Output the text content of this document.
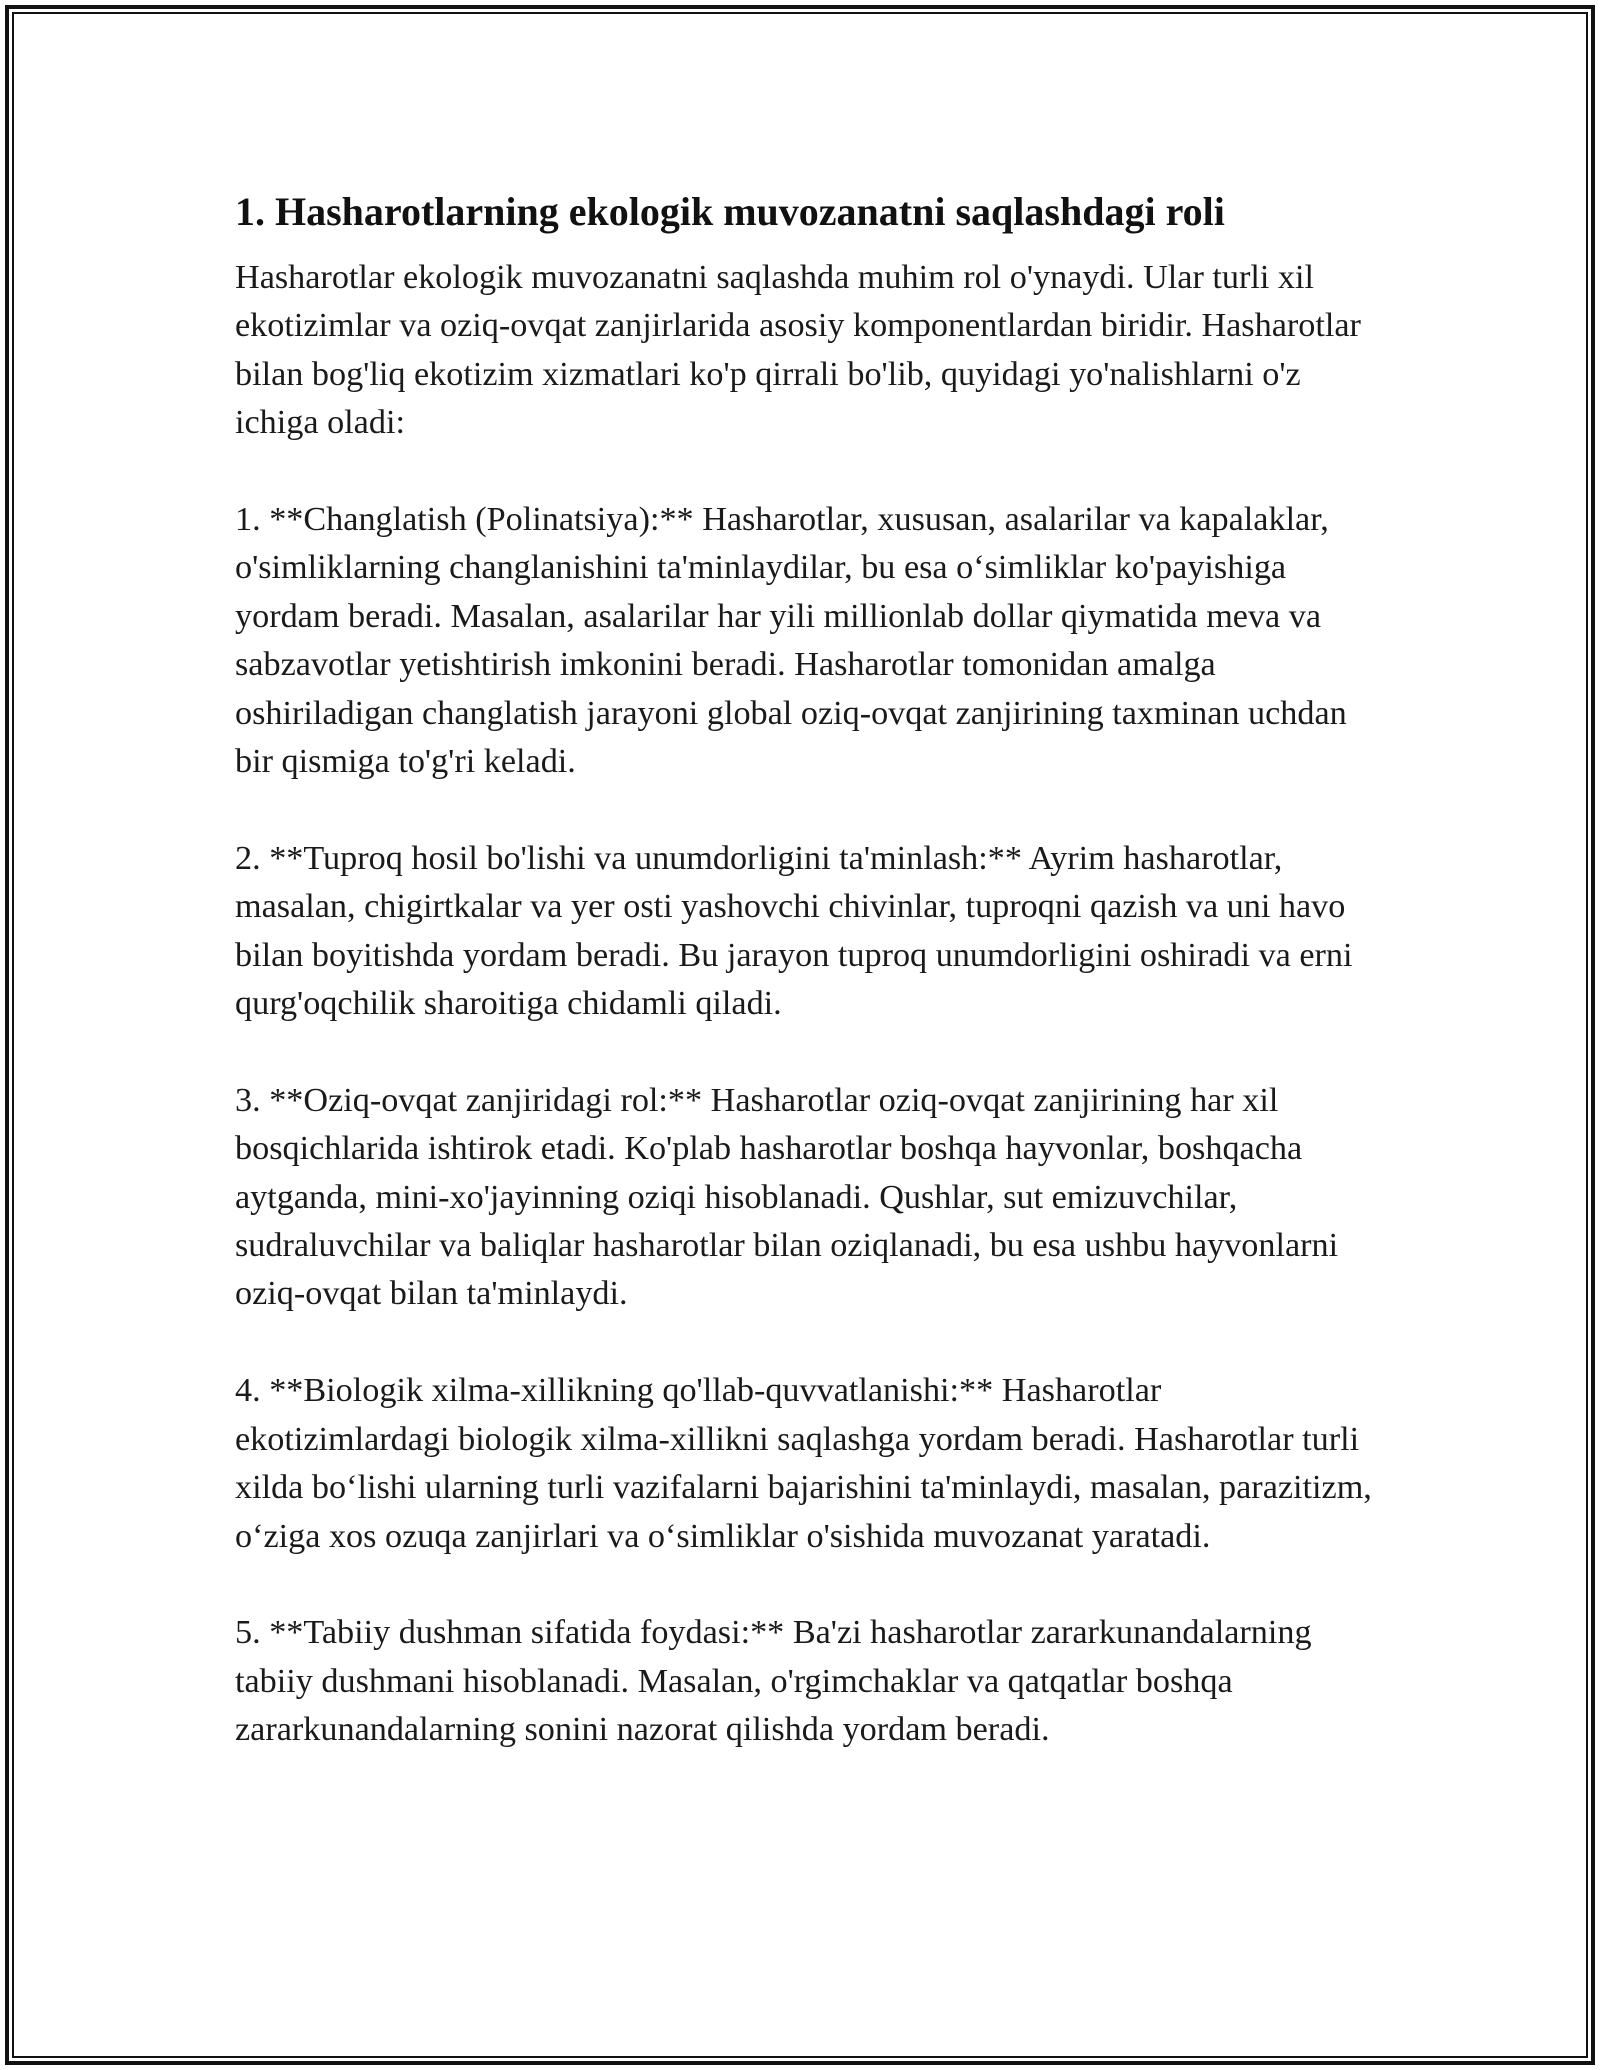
1. Hasharotlarning ekologik muvozanatni saqlashdagi roli

Hasharotlar ekologik muvozanatni saqlashda muhim rol o'ynaydi. Ular turli xil ekotizimlar va oziq-ovqat zanjirlarida asosiy komponentlardan biridir. Hasharotlar bilan bog'liq ekotizim xizmatlari ko'p qirrali bo'lib, quyidagi yo'nalishlarni o'z ichiga oladi:

1. **Changlatish (Polinatsiya):** Hasharotlar, xususan, asalarilar va kapalaklar, o'simliklarning changlanishini ta'minlaydilar, bu esa o‘simliklar ko'payishiga yordam beradi. Masalan, asalarilar har yili millionlab dollar qiymatida meva va sabzavotlar yetishtirish imkonini beradi. Hasharotlar tomonidan amalga oshiriladigan changlatish jarayoni global oziq-ovqat zanjirining taxminan uchdan bir qismiga to'g'ri keladi.

2. **Tuproq hosil bo'lishi va unumdorligini ta'minlash:** Ayrim hasharotlar, masalan, chigirtkalar va yer osti yashovchi chivinlar, tuproqni qazish va uni havo bilan boyitishda yordam beradi. Bu jarayon tuproq unumdorligini oshiradi va erni qurg'oqchilik sharoitiga chidamli qiladi.

3. **Oziq-ovqat zanjiridagi rol:** Hasharotlar oziq-ovqat zanjirining har xil bosqichlarida ishtirok etadi. Ko'plab hasharotlar boshqa hayvonlar, boshqacha aytganda, mini-xo'jayinning oziqi hisoblanadi. Qushlar, sut emizuvchilar, sudraluvchilar va baliqlar hasharotlar bilan oziqlanadi, bu esa ushbu hayvonlarni oziq-ovqat bilan ta'minlaydi.

4. **Biologik xilma-xillikning qo'llab-quvvatlanishi:** Hasharotlar ekotizimlardagi biologik xilma-xillikni saqlashga yordam beradi. Hasharotlar turli xilda bo‘lishi ularning turli vazifalarni bajarishini ta'minlaydi, masalan, parazitizm, o‘ziga xos ozuqa zanjirlari va o‘simliklar o'sishida muvozanat yaratadi.

5. **Tabiiy dushman sifatida foydasi:** Ba'zi hasharotlar zararkunandalarning tabiiy dushmani hisoblanadi. Masalan, o'rgimchaklar va qatqatlar boshqa zararkunandalarning sonini nazorat qilishda yordam beradi.
